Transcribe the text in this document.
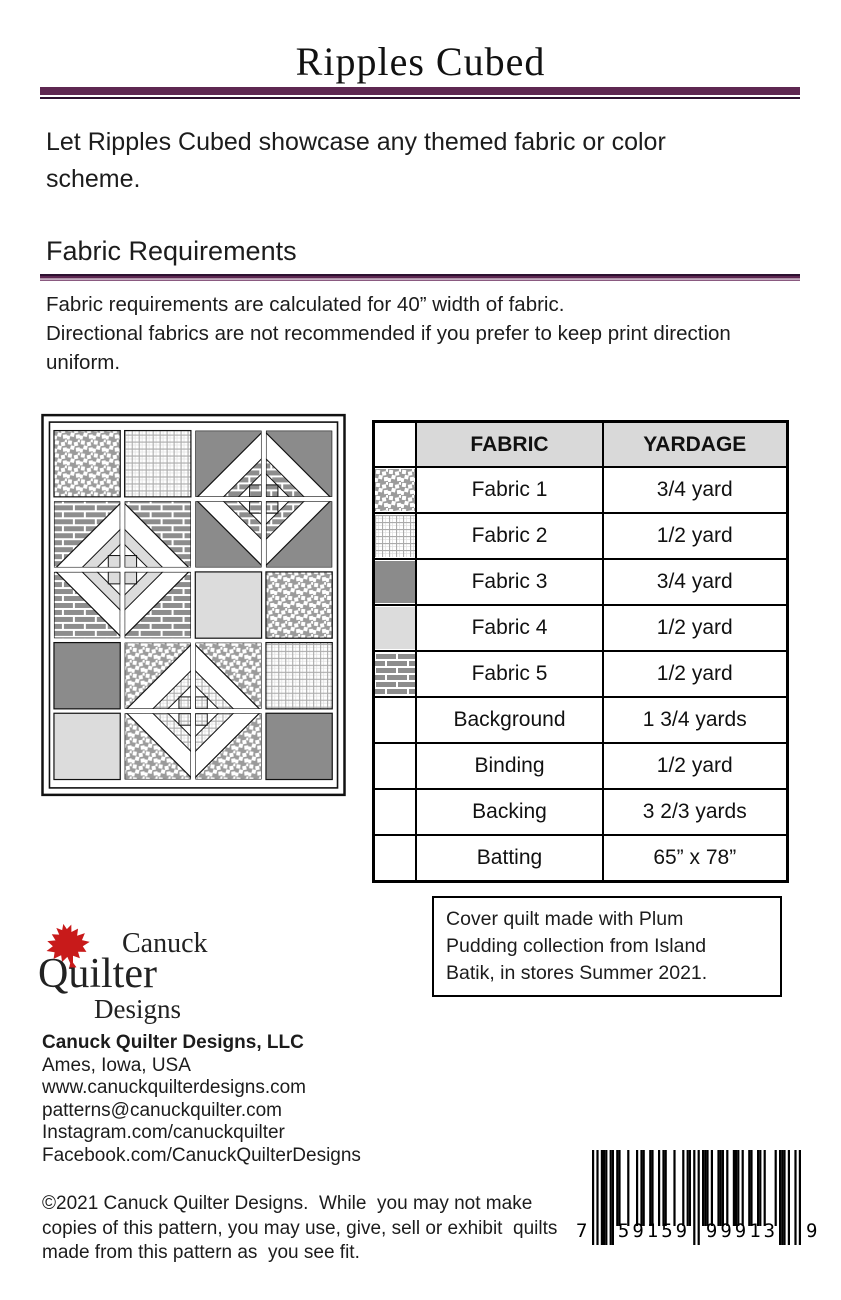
Ripples Cubed
Let Ripples Cubed showcase any themed fabric or color
scheme.
Fabric Requirements
Fabric requirements are calculated for 40” width of fabric.
Directional fabrics are not recommended if you prefer to keep print direction
uniform.
	FABRIC	YARDAGE
	Fabric 1	3/4 yard
	Fabric 2	1/2 yard
	Fabric 3	3/4 yard
	Fabric 4	1/2 yard
	Fabric 5	1/2 yard
	Background	1 3/4 yards
	Binding	1/2 yard
	Backing	3 2/3 yards
	Batting	65” x 78”
Cover quilt made with Plum
Pudding collection from Island
Batik, in stores Summer 2021.
Canuck
Quilter
Designs
Canuck Quilter Designs, LLC
Ames, Iowa, USA
www.canuckquilterdesigns.com
patterns@canuckquilter.com
Instagram.com/canuckquilter
Facebook.com/CanuckQuilterDesigns
©2021 Canuck Quilter Designs.  While  you may not make
copies of this pattern, you may use, give, sell or exhibit  quilts
made from this pattern as  you see fit.
7 59159 99913 9
